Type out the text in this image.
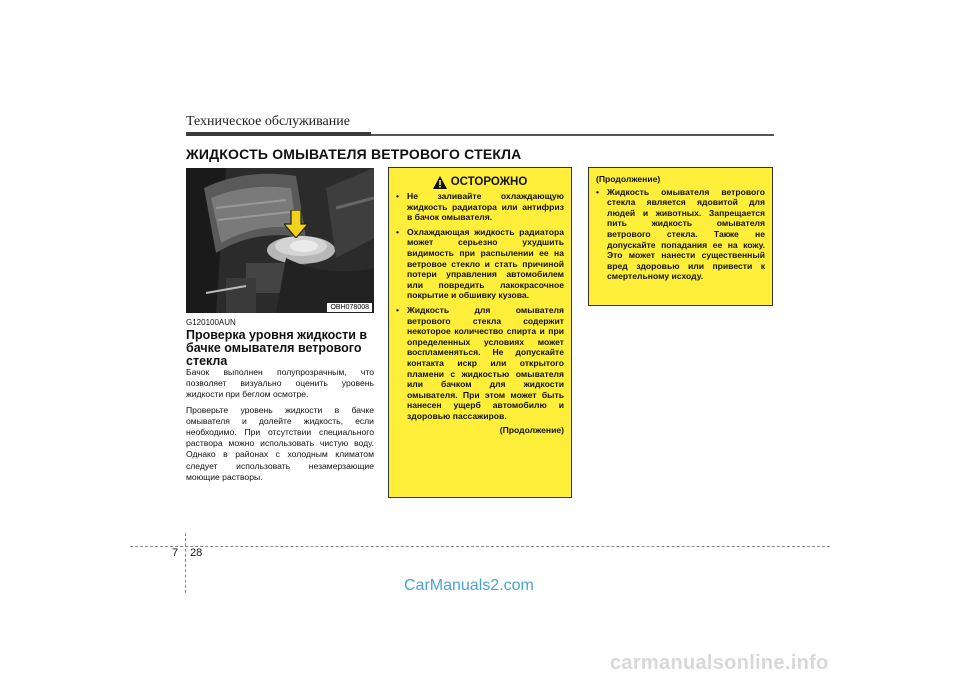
Техническое обслуживание
ЖИДКОСТЬ ОМЫВАТЕЛЯ ВЕТРОВОГО СТЕКЛА
OBH078008
G120100AUN
Проверка уровня жидкости в бачке омывателя ветрового стекла

Бачок выполнен полупрозрачным, что позволяет визуально оценить уровень жидкости при беглом осмотре.

Проверьте уровень жидкости в бачке омывателя и долейте жидкость, если необходимо. При отсутствии специального раствора можно использовать чистую воду. Однако в районах с холодным климатом следует использовать незамерзающие моющие растворы.

ОСТОРОЖНО
• Не заливайте охлаждающую жидкость радиатора или антифриз в бачок омывателя.
• Охлаждающая жидкость радиатора может серьезно ухудшить видимость при распылении ее на ветровое стекло и стать причиной потери управления автомобилем или повредить лакокрасочное покрытие и обшивку кузова.
• Жидкость для омывателя ветрового стекла содержит некоторое количество спирта и при определенных условиях может воспламеняться. Не допускайте контакта искр или открытого пламени с жидкостью омывателя или бачком для жидкости омывателя. При этом может быть нанесен ущерб автомобилю и здоровью пассажиров.
(Продолжение)
(Продолжение)
• Жидкость омывателя ветрового стекла является ядовитой для людей и животных. Запрещается пить жидкость омывателя ветрового стекла. Также не допускайте попадания ее на кожу. Это может нанести существенный вред здоровью или привести к смертельному исходу.
7 28
CarManuals2.com
carmanualsonline.info
